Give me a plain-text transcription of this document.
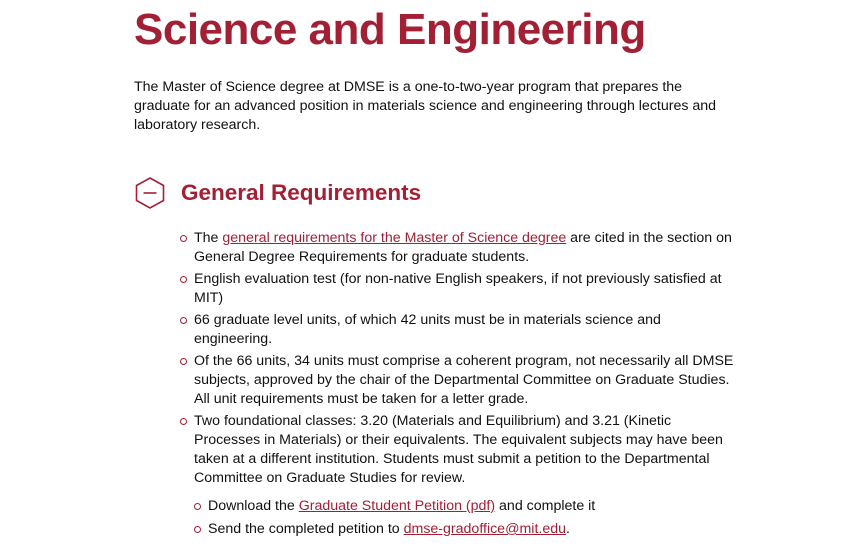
Science and Engineering

The Master of Science degree at DMSE is a one-to-two-year program that prepares the graduate for an advanced position in materials science and engineering through lectures and laboratory research.

General Requirements
The general requirements for the Master of Science degree are cited in the section on General Degree Requirements for graduate students.
English evaluation test (for non-native English speakers, if not previously satisfied at MIT)
66 graduate level units, of which 42 units must be in materials science and engineering.
Of the 66 units, 34 units must comprise a coherent program, not necessarily all DMSE subjects, approved by the chair of the Departmental Committee on Graduate Studies. All unit requirements must be taken for a letter grade.
Two foundational classes: 3.20 (Materials and Equilibrium) and 3.21 (Kinetic Processes in Materials) or their equivalents. The equivalent subjects may have been taken at a different institution. Students must submit a petition to the Departmental Committee on Graduate Studies for review.
Download the Graduate Student Petition (pdf) and complete it
Send the completed petition to dmse-gradoffice@mit.edu.
